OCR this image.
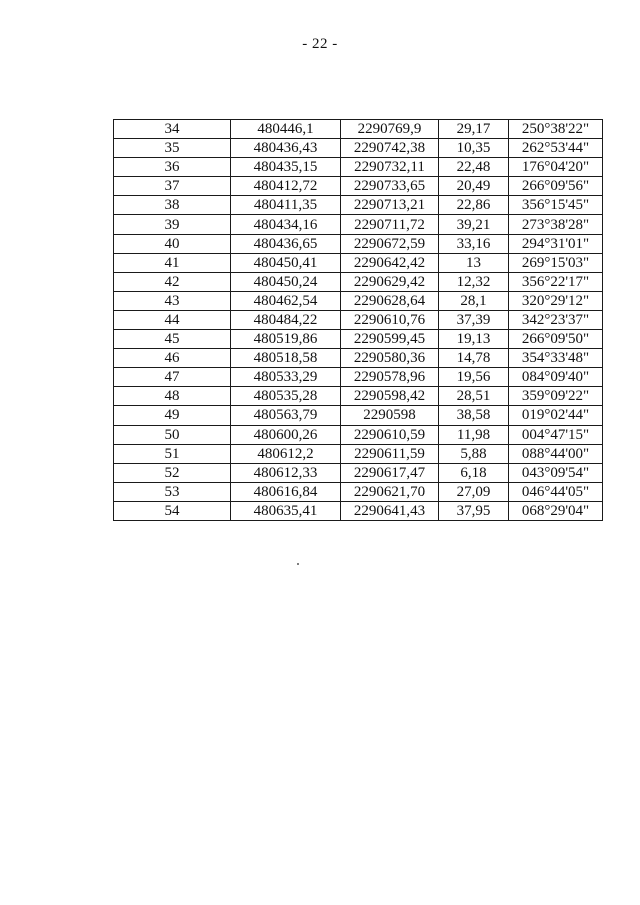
- 22 -
34	480446,1	2290769,9	29,17	250°38'22"
35	480436,43	2290742,38	10,35	262°53'44"
36	480435,15	2290732,11	22,48	176°04'20"
37	480412,72	2290733,65	20,49	266°09'56"
38	480411,35	2290713,21	22,86	356°15'45"
39	480434,16	2290711,72	39,21	273°38'28"
40	480436,65	2290672,59	33,16	294°31'01"
41	480450,41	2290642,42	13	269°15'03"
42	480450,24	2290629,42	12,32	356°22'17"
43	480462,54	2290628,64	28,1	320°29'12"
44	480484,22	2290610,76	37,39	342°23'37"
45	480519,86	2290599,45	19,13	266°09'50"
46	480518,58	2290580,36	14,78	354°33'48"
47	480533,29	2290578,96	19,56	084°09'40"
48	480535,28	2290598,42	28,51	359°09'22"
49	480563,79	2290598	38,58	019°02'44"
50	480600,26	2290610,59	11,98	004°47'15"
51	480612,2	2290611,59	5,88	088°44'00"
52	480612,33	2290617,47	6,18	043°09'54"
53	480616,84	2290621,70	27,09	046°44'05"
54	480635,41	2290641,43	37,95	068°29'04"
